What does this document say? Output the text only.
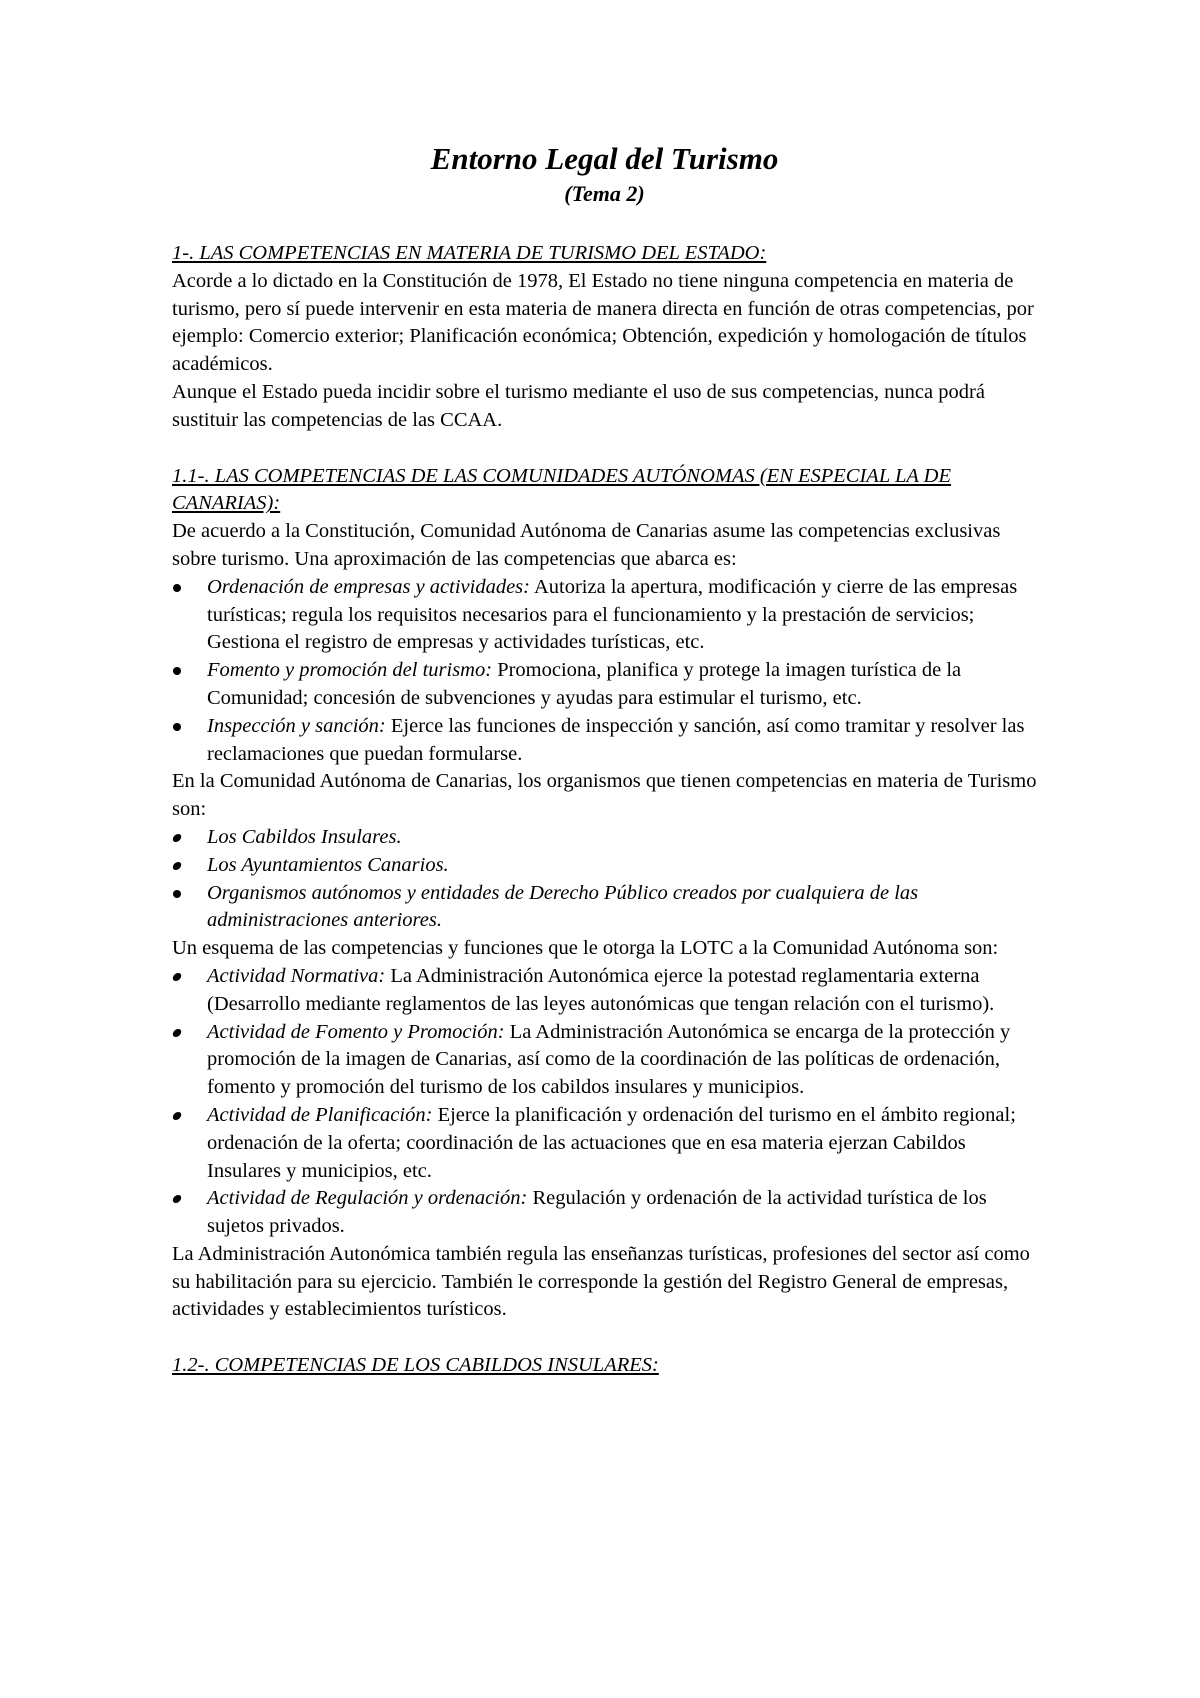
Entorno Legal del Turismo
(Tema 2)

1-. LAS COMPETENCIAS EN MATERIA DE TURISMO DEL ESTADO:

Acorde a lo dictado en la Constitución de 1978, El Estado no tiene ninguna competencia en materia de turismo, pero sí puede intervenir en esta materia de manera directa en función de otras competencias, por ejemplo: Comercio exterior; Planificación económica; Obtención, expedición y homologación de títulos académicos.

Aunque el Estado pueda incidir sobre el turismo mediante el uso de sus competencias, nunca podrá sustituir las competencias de las CCAA.

1.1-. LAS COMPETENCIAS DE LAS COMUNIDADES AUTÓNOMAS (EN ESPECIAL LA DE CANARIAS):

De acuerdo a la Constitución, Comunidad Autónoma de Canarias asume las competencias exclusivas sobre turismo. Una aproximación de las competencias que abarca es:

Ordenación de empresas y actividades: Autoriza la apertura, modificación y cierre de las empresas turísticas; regula los requisitos necesarios para el funcionamiento y la prestación de servicios; Gestiona el registro de empresas y actividades turísticas, etc.
Fomento y promoción del turismo: Promociona, planifica y protege la imagen turística de la Comunidad; concesión de subvenciones y ayudas para estimular el turismo, etc.
Inspección y sanción: Ejerce las funciones de inspección y sanción, así como tramitar y resolver las reclamaciones que puedan formularse.

En la Comunidad Autónoma de Canarias, los organismos que tienen competencias en materia de Turismo son:

Los Cabildos Insulares.
Los Ayuntamientos Canarios.
Organismos autónomos y entidades de Derecho Público creados por cualquiera de las administraciones anteriores.

Un esquema de las competencias y funciones que le otorga la LOTC a la Comunidad Autónoma son:

Actividad Normativa: La Administración Autonómica ejerce la potestad reglamentaria externa (Desarrollo mediante reglamentos de las leyes autonómicas que tengan relación con el turismo).
Actividad de Fomento y Promoción: La Administración Autonómica se encarga de la protección y promoción de la imagen de Canarias, así como de la coordinación de las políticas de ordenación, fomento y promoción del turismo de los cabildos insulares y municipios.
Actividad de Planificación: Ejerce la planificación y ordenación del turismo en el ámbito regional; ordenación de la oferta; coordinación de las actuaciones que en esa materia ejerzan Cabildos Insulares y municipios, etc.
Actividad de Regulación y ordenación: Regulación y ordenación de la actividad turística de los sujetos privados.

La Administración Autonómica también regula las enseñanzas turísticas, profesiones del sector así como su habilitación para su ejercicio. También le corresponde la gestión del Registro General de empresas, actividades y establecimientos turísticos.

1.2-. COMPETENCIAS DE LOS CABILDOS INSULARES:
